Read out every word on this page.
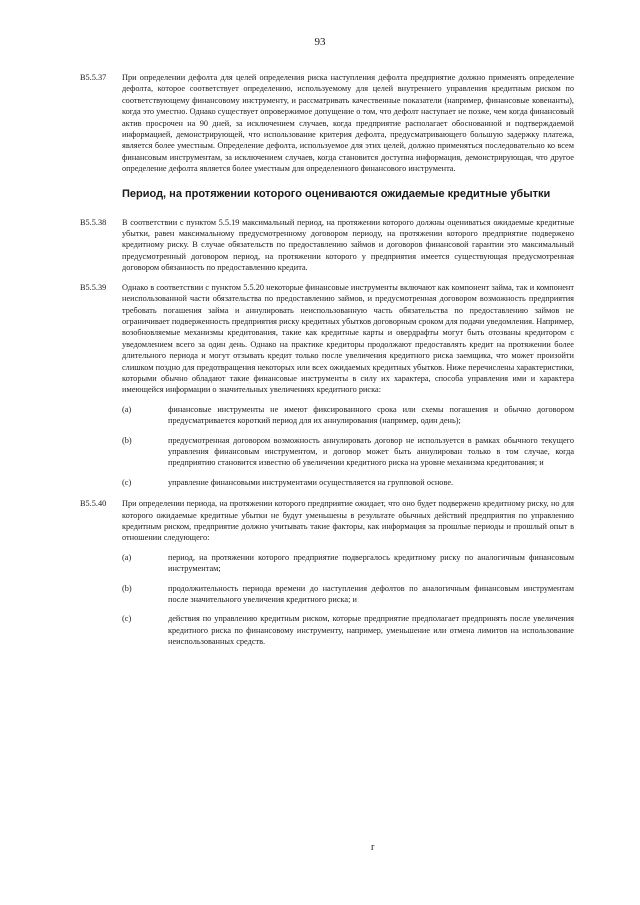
93
B5.5.37	При определении дефолта для целей определения риска наступления дефолта предприятие должно применять определение дефолта, которое соответствует определению, используемому для целей внутреннего управления кредитным риском по соответствующему финансовому инструменту, и рассматривать качественные показатели (например, финансовые ковенанты), когда это уместно. Однако существует опровержимое допущение о том, что дефолт наступает не позже, чем когда финансовый актив просрочен на 90 дней, за исключением случаев, когда предприятие располагает обоснованной и подтверждаемой информацией, демонстрирующей, что использование критерия дефолта, предусматривающего большую задержку платежа, является более уместным. Определение дефолта, используемое для этих целей, должно применяться последовательно ко всем финансовым инструментам, за исключением случаев, когда становится доступна информация, демонстрирующая, что другое определение дефолта является более уместным для определенного финансового инструмента.
Период, на протяжении которого оцениваются ожидаемые кредитные убытки
B5.5.38	В соответствии с пунктом 5.5.19 максимальный период, на протяжении которого должны оцениваться ожидаемые кредитные убытки, равен максимальному предусмотренному договором периоду, на протяжении которого предприятие подвержено кредитному риску. В случае обязательств по предоставлению займов и договоров финансовой гарантии это максимальный предусмотренный договором период, на протяжении которого у предприятия имеется существующая предусмотренная договором обязанность по предоставлению кредита.
B5.5.39	Однако в соответствии с пунктом 5.5.20 некоторые финансовые инструменты включают как компонент займа, так и компонент неиспользованной части обязательства по предоставлению займов, и предусмотренная договором возможность предприятия требовать погашения займа и аннулировать неиспользованную часть обязательства по предоставлению займов не ограничивает подверженность предприятия риску кредитных убытков договорным сроком для подачи уведомления. Например, возобновляемые механизмы кредитования, такие как кредитные карты и овердрафты могут быть отозваны кредитором с уведомлением всего за один день. Однако на практике кредиторы продолжают предоставлять кредит на протяжении более длительного периода и могут отзывать кредит только после увеличения кредитного риска заемщика, что может произойти слишком поздно для предотвращения некоторых или всех ожидаемых кредитных убытков. Ниже перечислены характеристики, которыми обычно обладают такие финансовые инструменты в силу их характера, способа управления ими и характера имеющейся информации о значительных увеличениях кредитного риска:
(a)	финансовые инструменты не имеют фиксированного срока или схемы погашения и обычно договором предусматривается короткий период для их аннулирования (например, один день);
(b)	предусмотренная договором возможность аннулировать договор не используется в рамках обычного текущего управления финансовым инструментом, и договор может быть аннулирован только в том случае, когда предприятию становится известно об увеличении кредитного риска на уровне механизма кредитования; и
(c)	управление финансовыми инструментами осуществляется на групповой основе.
B5.5.40	При определении периода, на протяжении которого предприятие ожидает, что оно будет подвержено кредитному риску, но для которого ожидаемые кредитные убытки не будут уменьшены в результате обычных действий предприятия по управлению кредитным риском, предприятие должно учитывать такие факторы, как информация за прошлые периоды и прошлый опыт в отношении следующего:
(a)	период, на протяжении которого предприятие подвергалось кредитному риску по аналогичным финансовым инструментам;
(b)	продолжительность периода времени до наступления дефолтов по аналогичным финансовым инструментам после значительного увеличения кредитного риска; и
(c)	действия по управлению кредитным риском, которые предприятие предполагает предпринять после увеличения кредитного риска по финансовому инструменту, например, уменьшение или отмена лимитов на использование неиспользованных средств.
r
